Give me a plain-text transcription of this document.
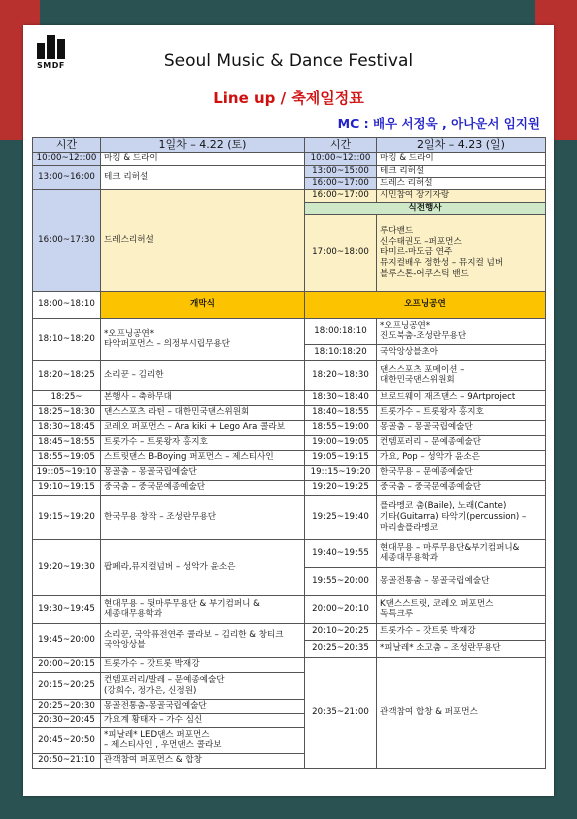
SMDF	Seoul Music & Dance Festival
Line up / 축제일정표
MC : 배우 서정욱 , 아나운서 임지원
시간	1일차 – 4.22 (토)	시간	2일차 – 4.23 (일)
10:00~12::00	마킹 & 드라이	10:00~12::00	마킹 & 드라이
13:00~16:00	테크 리허설	13:00~15:00	테크 리허설
		16:00~17:00	드레스 리허설
16:00~17:30	드레스리허설	16:00~17:00	시민참여 장기자랑
		식전행사	
		17:00~18:00	루다밴드
신수태권도 –퍼포먼스
타미르-마도금 연주
뮤지컬배우 정한성 – 뮤지컬 넘버
블루스톤-어쿠스틱 밴드

18:00~18:10	개막식	오프닝공연	
18:10~18:20	*오프닝공연*
타악퍼포먼스 – 의정부시립무용단	18:00:18:10	*오프닝공연*
진도북춤-조성란무용단

		18:10:18:20	국악앙상블초아
18:20~18:25	소리꾼 – 김리한	18:20~18:30	댄스스포츠 포메이션 –
대한민국댄스위원회

18:25~	본행사 – 축하무대	18:30~18:40	브로드웨이 재즈댄스 – 9Artproject
18:25~18:30	댄스스포츠 라틴 – 대한민국댄스위원회	18:40~18:55	트롯가수 – 트롯왕자 홍지호
18:30~18:45	코레오 퍼포먼스 – Ara kiki + Lego Ara 콜라보	18:55~19:00	몽골춤 – 몽골국립예술단
18:45~18:55	트롯가수 – 트롯왕자 홍지호	19:00~19:05	컨템포러리 – 문예종예술단
18:55~19:05	스트릿댄스 B-Boying 퍼포먼스 – 제스티사인	19:05~19:15	가요, Pop – 성악가 윤소은
19::05~19:10	몽골춤 – 몽골국립예술단	19::15~19:20	한국무용 – 문예종예술단
19:10~19:15	중국춤 – 중국문예종예술단	19:20~19:25	중국춤 – 중국문예종예술단
19:15~19:20	한국무용 창작 – 조성란무용단	19:25~19:40	플라멩코 춤(Baile), 노래(Cante)
기타(Guitarra) 타악기(percussion) –
마리솔플라멩코

19:20~19:30	팝페라,뮤지컬넘버 – 성악가 윤소은	19:40~19:55	현대무용 – 마루무용단&부기컴퍼니&
세종대무용학과

		19:55~20:00	몽골전통춤 – 몽골국립예술단
19:30~19:45	현대무용 – 뒷마루무용단 & 부기컴퍼니 &
세종대무용학과	20:00~20:10	K댄스스트릿, 코레오 퍼포먼스
독특크루

19:45~20:00	소리꾼, 국악퓨전연주 콜라보 – 김리한 & 창티크
국악앙상블	20:10~20:25	트롯가수 – 갓트롯 박재강
		20:25~20:35	*피날레* 소고춤 – 조성란무용단
20:00~20:15	트롯가수 – 갓트롯 박재강	20:35~21:00	관객참여 합창 & 퍼포먼스
20:15~20:25	컨템포러리/발레 – 문예종예술단
(강희수, 정가은, 신정원)		

20:25~20:30	몽골전통춤-몽골국립예술단		
20:30~20:45	가요계 황태자 – 가수 심신		
20:45~20:50	*피날레* LED댄스 퍼포먼스
– 제스티사인 , 우먼댄스 콜라보		

20:50~21:10	관객참여 퍼포먼스 & 합창		
